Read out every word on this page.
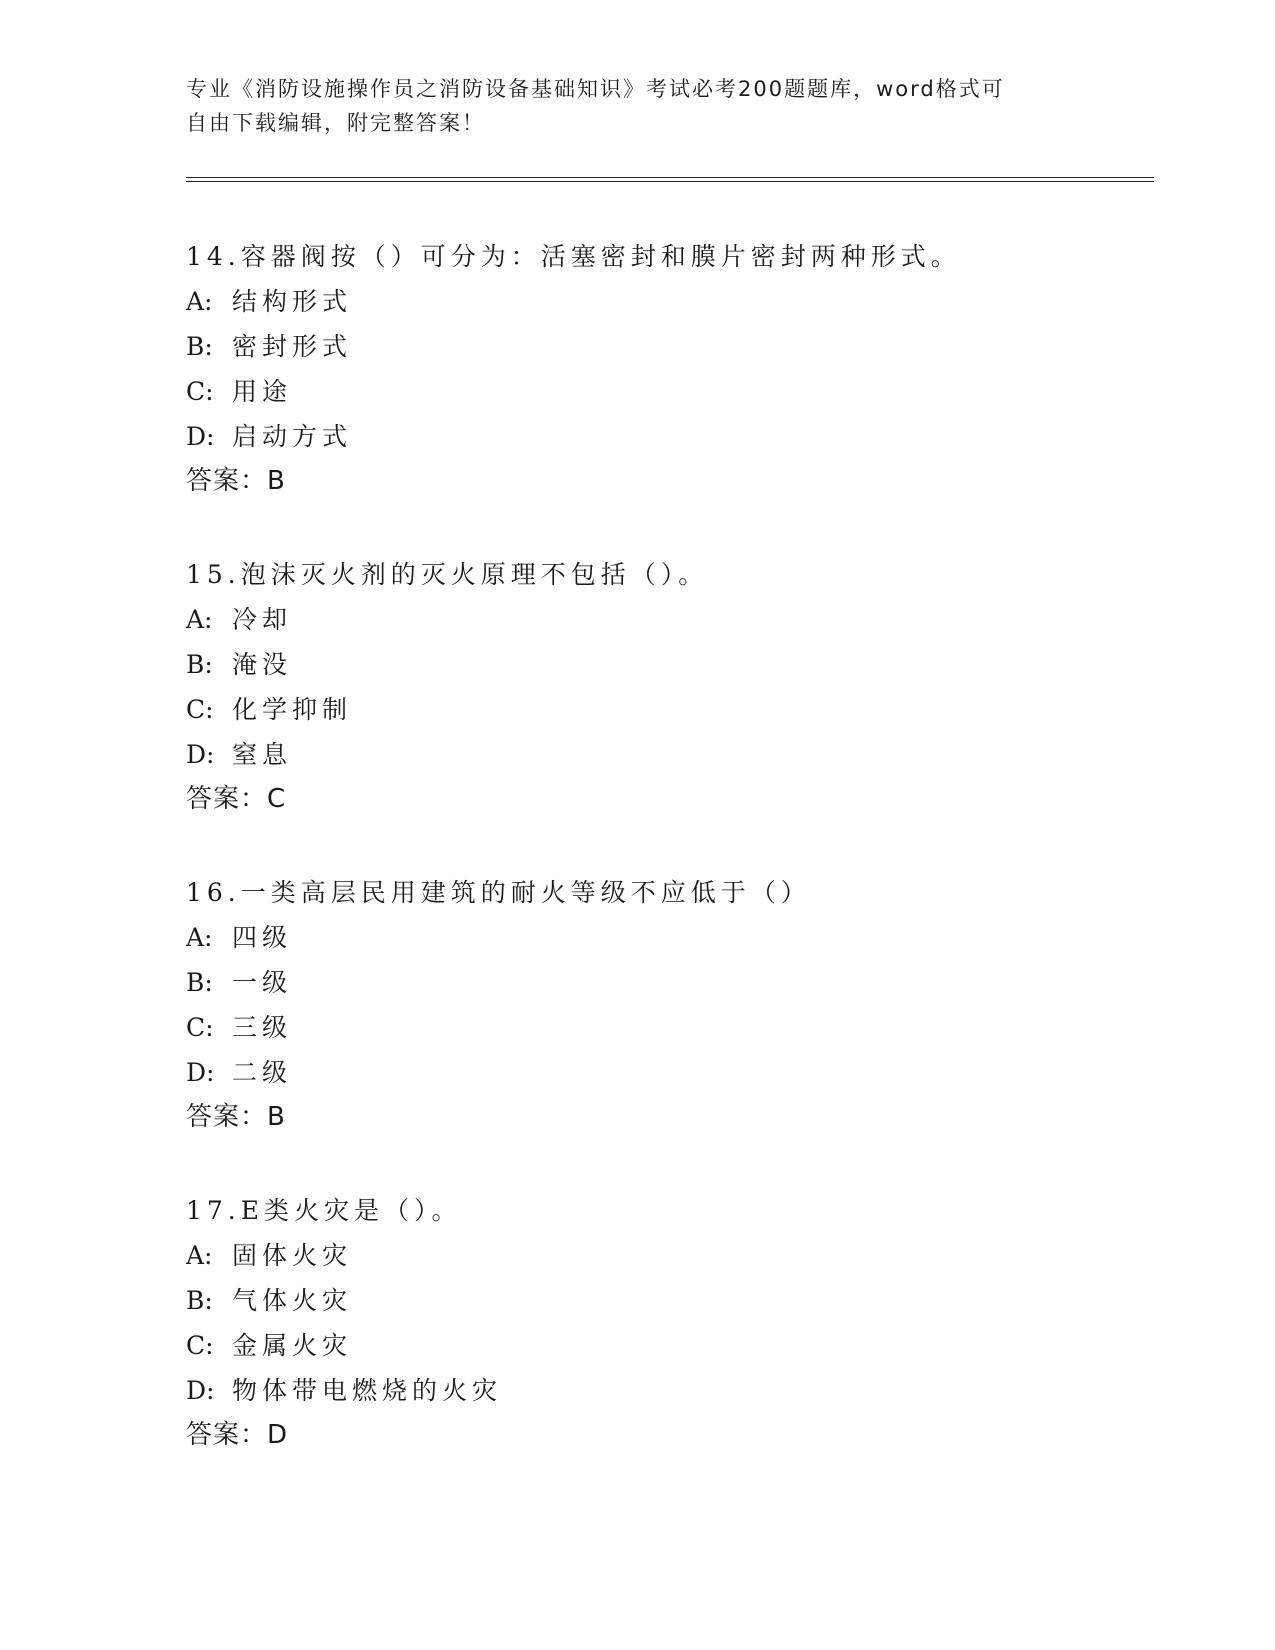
专业《消防设施操作员之消防设备基础知识》考试必考200题题库，word格式可
自由下载编辑，附完整答案！
14.容器阀按（）可分为：活塞密封和膜片密封两种形式。
A: 结构形式
B: 密封形式
C: 用途
D: 启动方式
答案：B
15.泡沫灭火剂的灭火原理不包括（）。
A: 冷却
B: 淹没
C: 化学抑制
D: 窒息
答案：C
16.一类高层民用建筑的耐火等级不应低于（）
A: 四级
B: 一级
C: 三级
D: 二级
答案：B
17.E类火灾是（）。
A: 固体火灾
B: 气体火灾
C: 金属火灾
D: 物体带电燃烧的火灾
答案：D
